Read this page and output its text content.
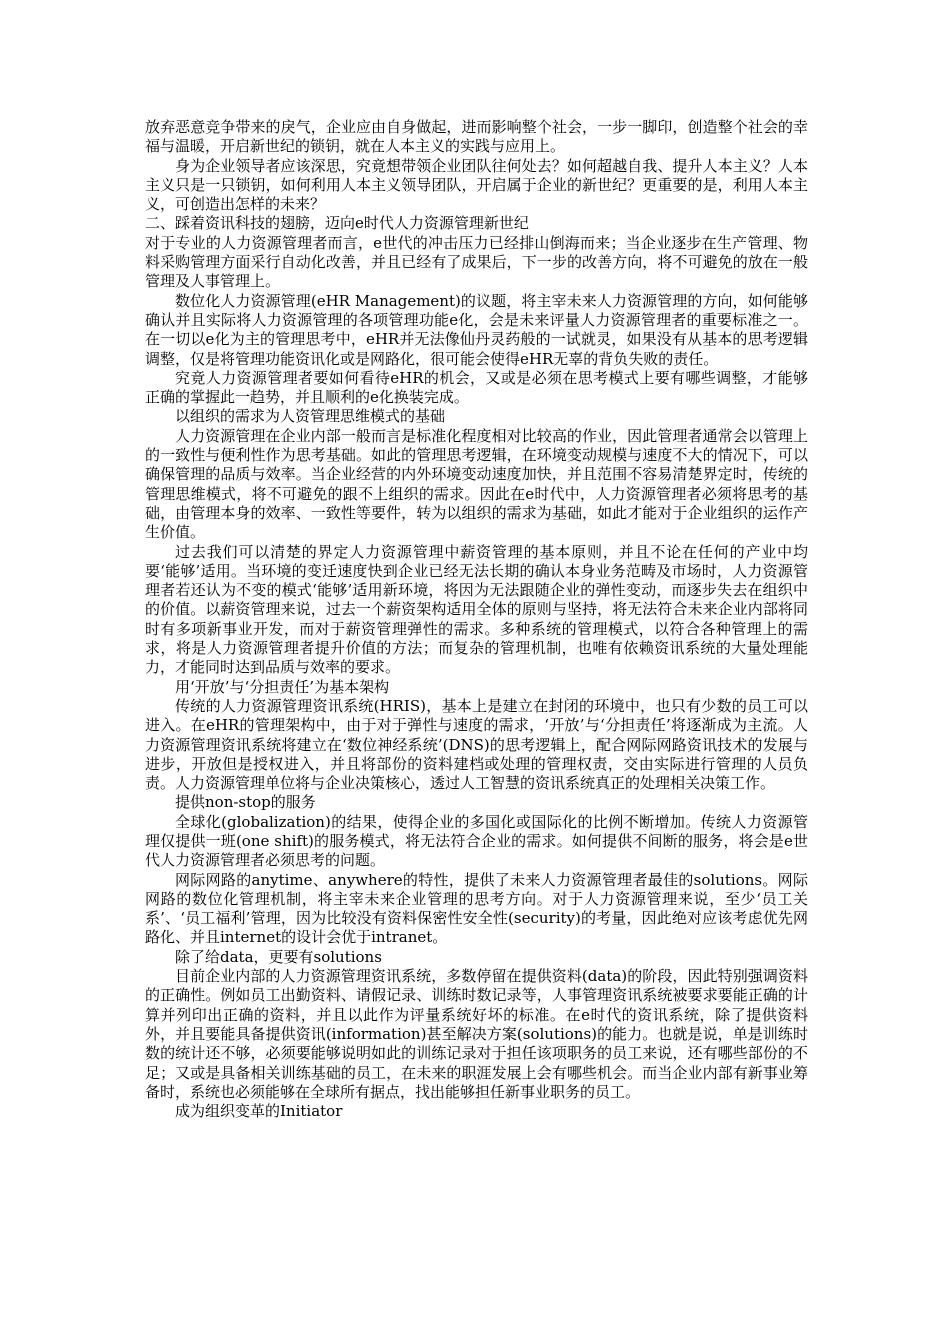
放弃恶意竞争带来的戾气，企业应由自身做起，进而影响整个社会，一步一脚印，创造整个社会的幸福与温暖，开启新世纪的锁钥，就在人本主义的实践与应用上。

身为企业领导者应该深思，究竟想带领企业团队往何处去？如何超越自我、提升人本主义？人本主义只是一只锁钥，如何利用人本主义领导团队，开启属于企业的新世纪？更重要的是，利用人本主义，可创造出怎样的未来？

二、踩着资讯科技的翅膀，迈向e时代人力资源管理新世纪

对于专业的人力资源管理者而言，e世代的冲击压力已经排山倒海而来；当企业逐步在生产管理、物料采购管理方面采行自动化改善，并且已经有了成果后，下一步的改善方向，将不可避免的放在一般管理及人事管理上。

数位化人力资源管理(eHR Management)的议题，将主宰未来人力资源管理的方向，如何能够确认并且实际将人力资源管理的各项管理功能e化，会是未来评量人力资源管理者的重要标准之一。在一切以e化为主的管理思考中，eHR并无法像仙丹灵药般的一试就灵，如果没有从基本的思考逻辑调整，仅是将管理功能资讯化或是网路化，很可能会使得eHR无辜的背负失败的责任。

究竟人力资源管理者要如何看待eHR的机会，又或是必须在思考模式上要有哪些调整，才能够正确的掌握此一趋势，并且顺利的e化换装完成。

以组织的需求为人资管理思维模式的基础

人力资源管理在企业内部一般而言是标准化程度相对比较高的作业，因此管理者通常会以管理上的一致性与便利性作为思考基础。如此的管理思考逻辑，在环境变动规模与速度不大的情况下，可以确保管理的品质与效率。当企业经营的内外环境变动速度加快，并且范围不容易清楚界定时，传统的管理思维模式，将不可避免的跟不上组织的需求。因此在e时代中，人力资源管理者必须将思考的基础，由管理本身的效率、一致性等要件，转为以组织的需求为基础，如此才能对于企业组织的运作产生价值。

过去我们可以清楚的界定人力资源管理中薪资管理的基本原则，并且不论在任何的产业中均要‘能够’适用。当环境的变迁速度快到企业已经无法长期的确认本身业务范畴及市场时，人力资源管理者若还认为不变的模式‘能够’适用新环境，将因为无法跟随企业的弹性变动，而逐步失去在组织中的价值。以薪资管理来说，过去一个薪资架构适用全体的原则与坚持，将无法符合未来企业内部将同时有多项新事业开发，而对于薪资管理弹性的需求。多种系统的管理模式，以符合各种管理上的需求，将是人力资源管理者提升价值的方法；而复杂的管理机制，也唯有依赖资讯系统的大量处理能力，才能同时达到品质与效率的要求。

用‘开放’与‘分担责任’为基本架构

传统的人力资源管理资讯系统(HRIS)，基本上是建立在封闭的环境中，也只有少数的员工可以进入。在eHR的管理架构中，由于对于弹性与速度的需求，‘开放’与‘分担责任’将逐渐成为主流。人力资源管理资讯系统将建立在‘数位神经系统’(DNS)的思考逻辑上，配合网际网路资讯技术的发展与进步，开放但是授权进入，并且将部份的资料建档或处理的管理权责，交由实际进行管理的人员负责。人力资源管理单位将与企业决策核心，透过人工智慧的资讯系统真正的处理相关决策工作。

提供non-stop的服务

全球化(globalization)的结果，使得企业的多国化或国际化的比例不断增加。传统人力资源管理仅提供一班(one shift)的服务模式，将无法符合企业的需求。如何提供不间断的服务，将会是e世代人力资源管理者必须思考的问题。

网际网路的anytime、anywhere的特性，提供了未来人力资源管理者最佳的solutions。网际网路的数位化管理机制，将主宰未来企业管理的思考方向。对于人力资源管理来说，至少‘员工关系’、‘员工福利’管理，因为比较没有资料保密性安全性(security)的考量，因此绝对应该考虑优先网路化、并且internet的设计会优于intranet。

除了给data，更要有solutions

目前企业内部的人力资源管理资讯系统，多数停留在提供资料(data)的阶段，因此特别强调资料的正确性。例如员工出勤资料、请假记录、训练时数记录等，人事管理资讯系统被要求要能正确的计算并列印出正确的资料，并且以此作为评量系统好坏的标准。在e时代的资讯系统，除了提供资料外，并且要能具备提供资讯(information)甚至解决方案(solutions)的能力。也就是说，单是训练时数的统计还不够，必须要能够说明如此的训练记录对于担任该项职务的员工来说，还有哪些部份的不足；又或是具备相关训练基础的员工，在未来的职涯发展上会有哪些机会。而当企业内部有新事业筹备时，系统也必须能够在全球所有据点，找出能够担任新事业职务的员工。

成为组织变革的Initiator
